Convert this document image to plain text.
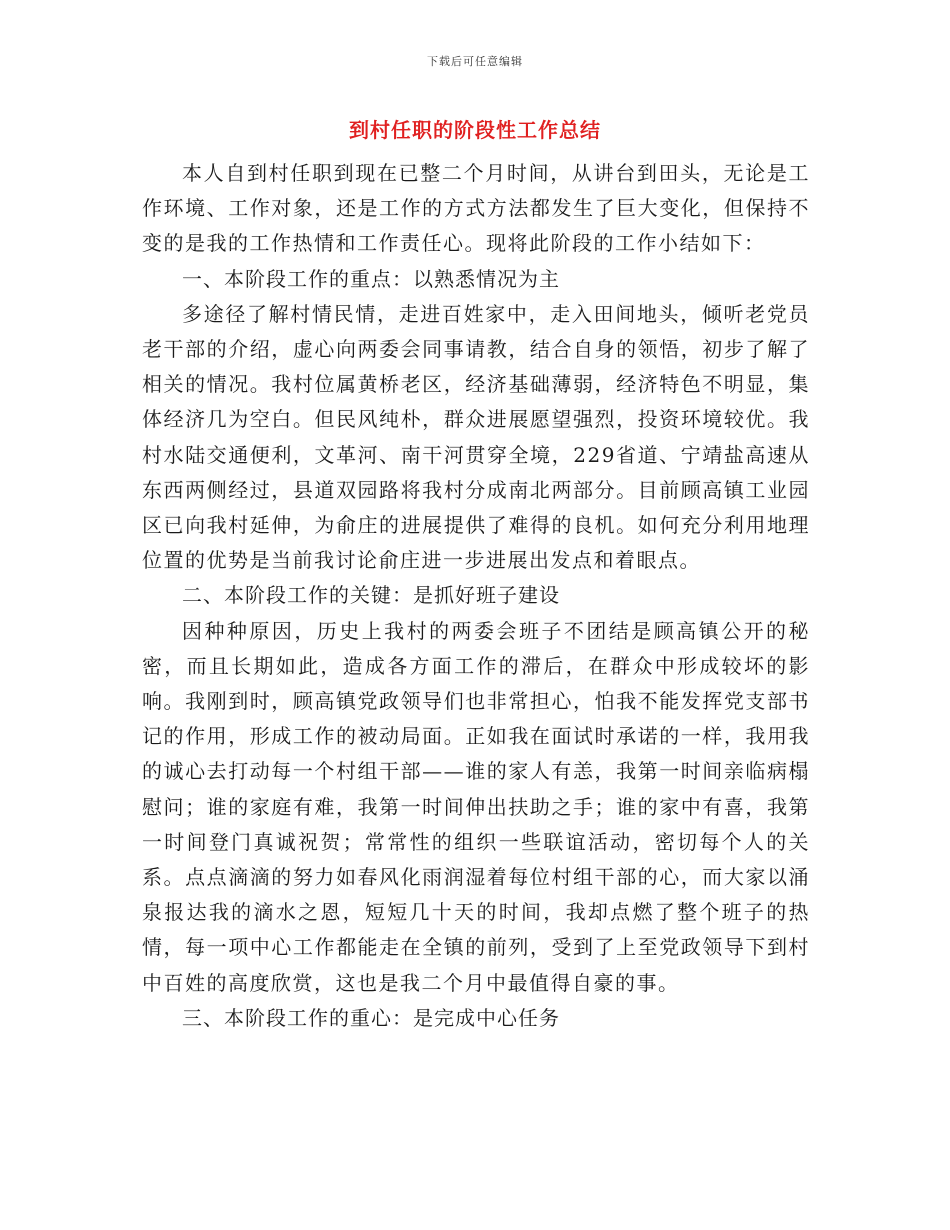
下载后可任意编辑
到村任职的阶段性工作总结

本人自到村任职到现在已整二个月时间，从讲台到田头，无论是工作环境、工作对象，还是工作的方式方法都发生了巨大变化，但保持不变的是我的工作热情和工作责任心。现将此阶段的工作小结如下：

一、本阶段工作的重点：以熟悉情况为主

多途径了解村情民情，走进百姓家中，走入田间地头，倾听老党员老干部的介绍，虚心向两委会同事请教，结合自身的领悟，初步了解了相关的情况。我村位属黄桥老区，经济基础薄弱，经济特色不明显，集体经济几为空白。但民风纯朴，群众进展愿望强烈，投资环境较优。我村水陆交通便利，文革河、南干河贯穿全境，229省道、宁靖盐高速从东西两侧经过，县道双园路将我村分成南北两部分。目前顾高镇工业园区已向我村延伸，为俞庄的进展提供了难得的良机。如何充分利用地理位置的优势是当前我讨论俞庄进一步进展出发点和着眼点。

二、本阶段工作的关键：是抓好班子建设

因种种原因，历史上我村的两委会班子不团结是顾高镇公开的秘密，而且长期如此，造成各方面工作的滞后，在群众中形成较坏的影响。我刚到时，顾高镇党政领导们也非常担心，怕我不能发挥党支部书记的作用，形成工作的被动局面。正如我在面试时承诺的一样，我用我的诚心去打动每一个村组干部——谁的家人有恙，我第一时间亲临病榻慰问；谁的家庭有难，我第一时间伸出扶助之手；谁的家中有喜，我第一时间登门真诚祝贺；常常性的组织一些联谊活动，密切每个人的关系。点点滴滴的努力如春风化雨润湿着每位村组干部的心，而大家以涌泉报达我的滴水之恩，短短几十天的时间，我却点燃了整个班子的热情，每一项中心工作都能走在全镇的前列，受到了上至党政领导下到村中百姓的高度欣赏，这也是我二个月中最值得自豪的事。

三、本阶段工作的重心：是完成中心任务
